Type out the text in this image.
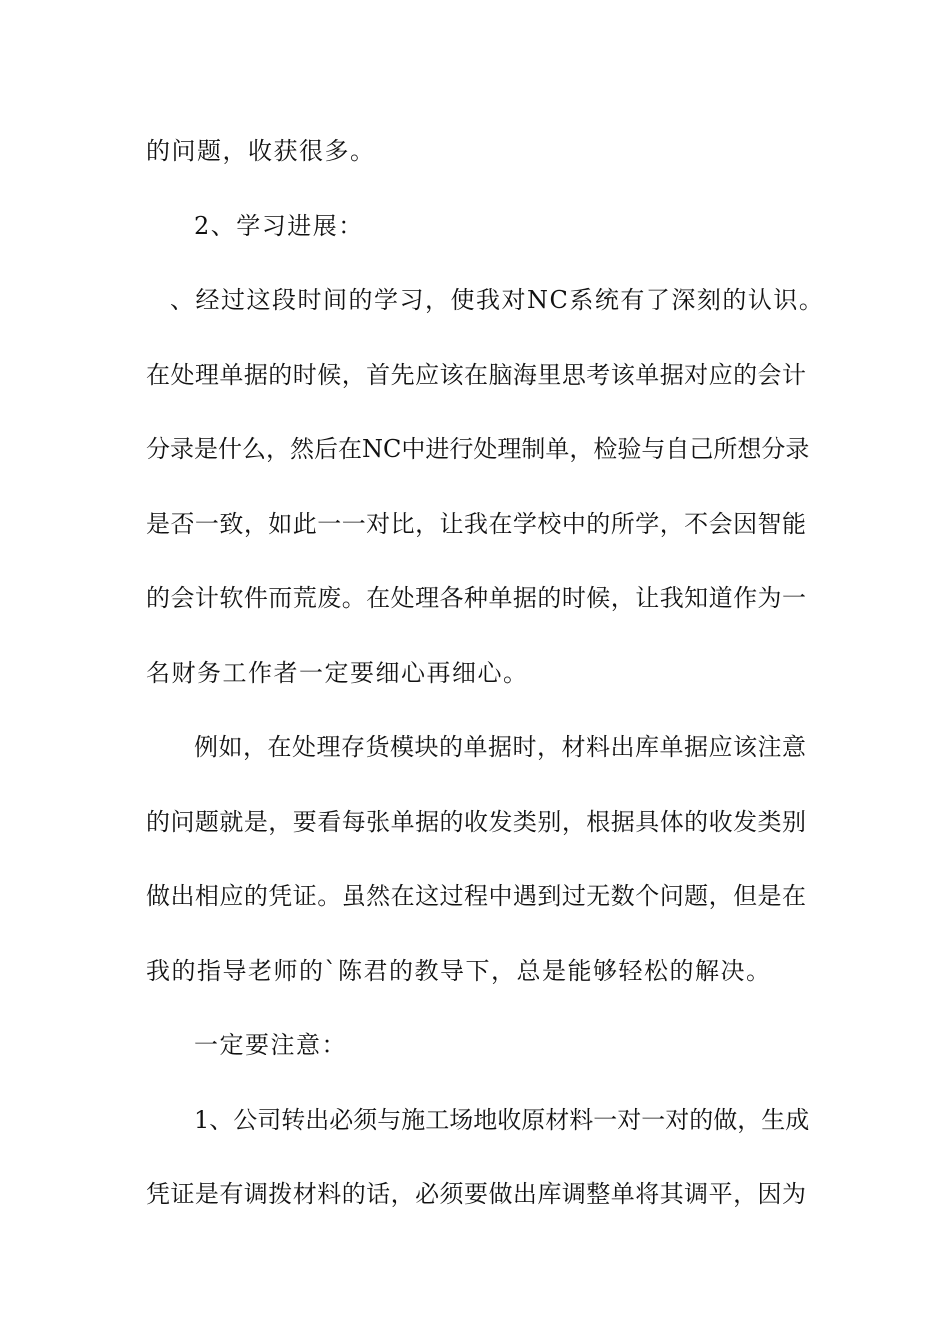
的问题，收获很多。
2、学习进展：
、经过这段时间的学习，使我对NC系统有了深刻的认识。
在处理单据的时候，首先应该在脑海里思考该单据对应的会计
分录是什么，然后在NC中进行处理制单，检验与自己所想分录
是否一致，如此一一对比，让我在学校中的所学，不会因智能
的会计软件而荒废。在处理各种单据的时候，让我知道作为一
名财务工作者一定要细心再细心。
例如，在处理存货模块的单据时，材料出库单据应该注意
的问题就是，要看每张单据的收发类别，根据具体的收发类别
做出相应的凭证。虽然在这过程中遇到过无数个问题，但是在
我的指导老师的`陈君的教导下，总是能够轻松的解决。
一定要注意：
1、公司转出必须与施工场地收原材料一对一对的做，生成
凭证是有调拨材料的话，必须要做出库调整单将其调平，因为
